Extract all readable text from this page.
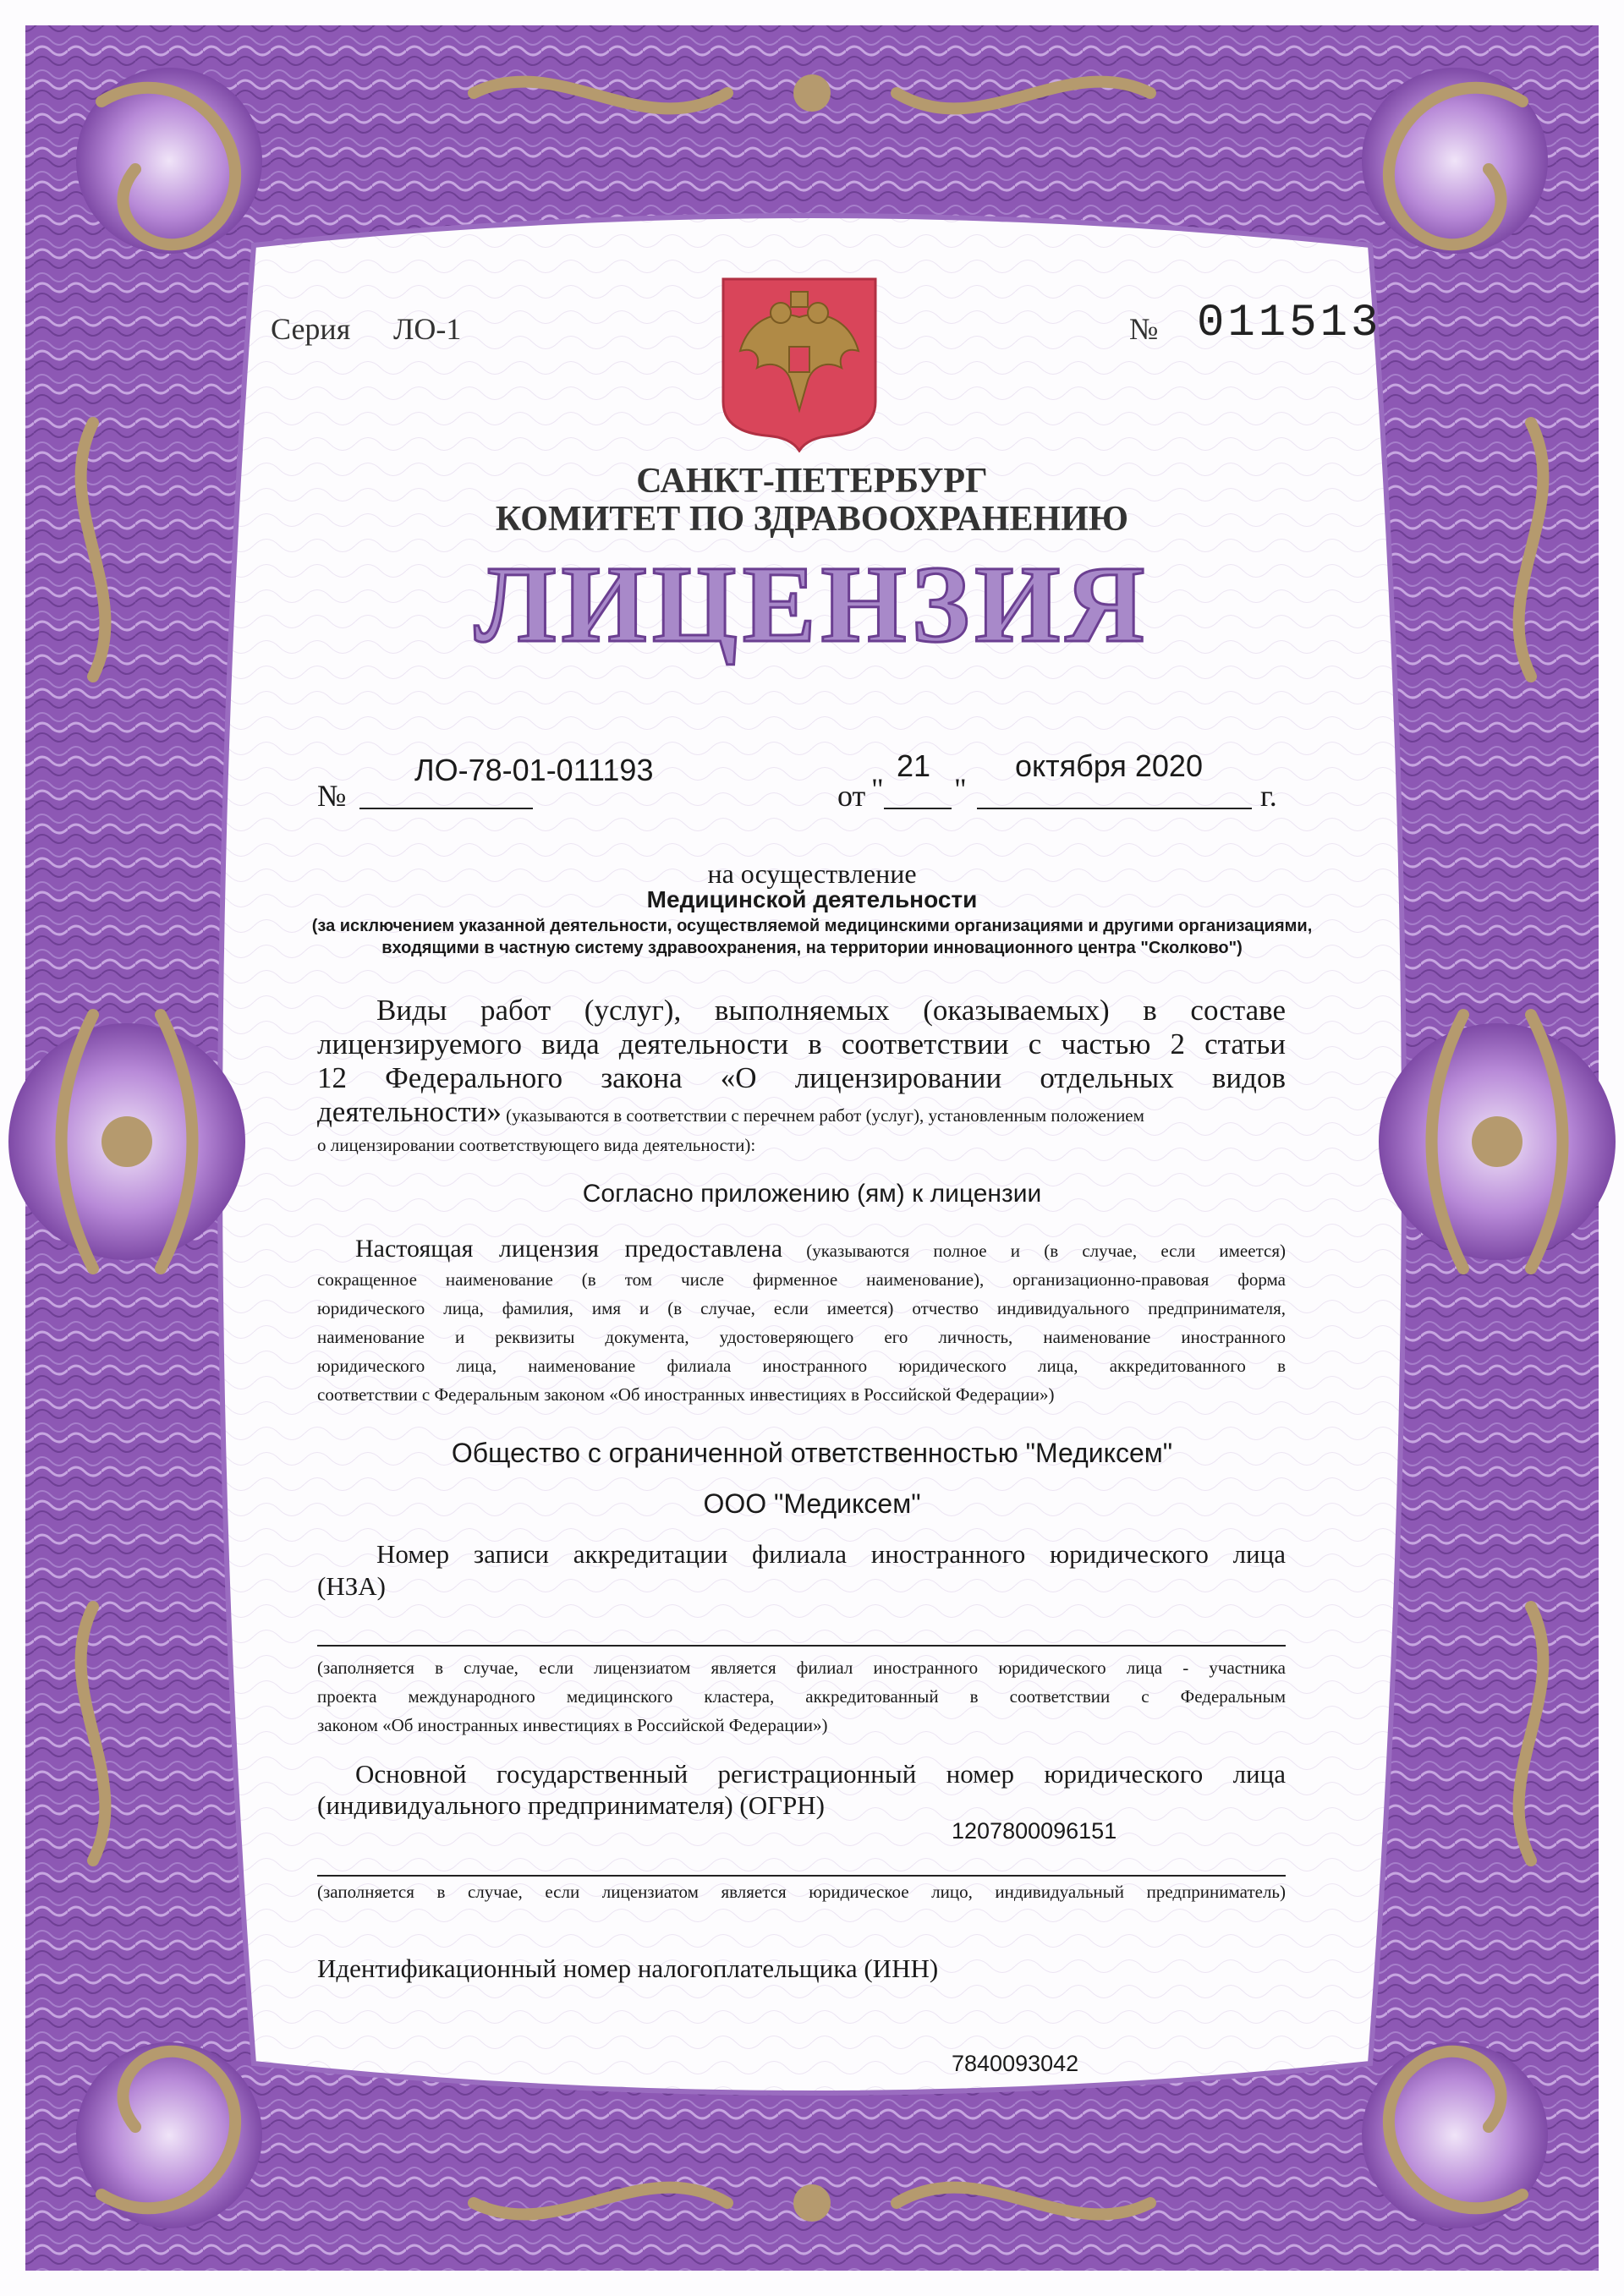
Серия ЛО-1	№ 011513
САНКТ-ПЕТЕРБУРГ
КОМИТЕТ ПО ЗДРАВООХРАНЕНИЮ
ЛИЦЕНЗИЯ
№
ЛО-78-01-011193
от "
21
"
октября 2020
г.
на осуществление
Медицинской деятельности
(за исключением указанной деятельности, осуществляемой медицинскими организациями и другими организациями,
входящими в частную систему здравоохранения, на территории инновационного центра "Сколково")
Виды работ (услуг), выполняемых (оказываемых) в составе
лицензируемого вида деятельности в соответствии с частью 2 статьи
12 Федерального закона «О лицензировании отдельных видов
деятельности» (указываются в соответствии с перечнем работ (услуг), установленным положением
о лицензировании соответствующего вида деятельности):
Согласно приложению (ям) к лицензии
Настоящая лицензия предоставлена (указываются полное и (в случае, если имеется)
сокращенное наименование (в том числе фирменное наименование), организационно-правовая форма
юридического лица, фамилия, имя и (в случае, если имеется) отчество индивидуального предпринимателя,
наименование и реквизиты документа, удостоверяющего его личность, наименование иностранного
юридического лица, наименование филиала иностранного юридического лица, аккредитованного в
соответствии с Федеральным законом «Об иностранных инвестициях в Российской Федерации»)
Общество с ограниченной ответственностью "Медиксем"
ООО "Медиксем"
Номер записи аккредитации филиала иностранного юридического лица
(НЗА)
(заполняется в случае, если лицензиатом является филиал иностранного юридического лица - участника
проекта международного медицинского кластера, аккредитованный в соответствии с Федеральным
законом «Об иностранных инвестициях в Российской Федерации»)
Основной государственный регистрационный номер юридического лица
(индивидуального предпринимателя) (ОГРН)
1207800096151
(заполняется в случае, если лицензиатом является юридическое лицо, индивидуальный предприниматель)
Идентификационный номер налогоплательщика (ИНН)
7840093042
